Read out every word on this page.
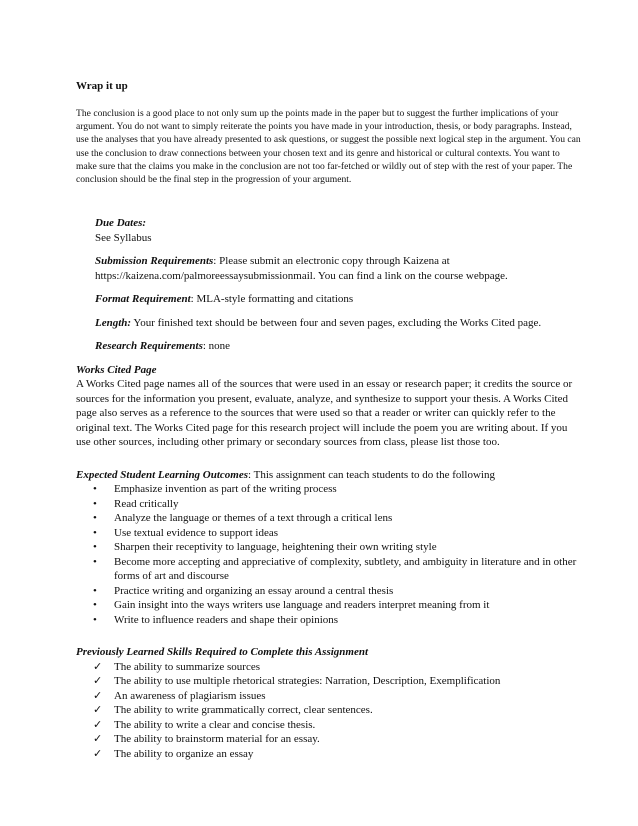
Wrap it up

The conclusion is a good place to not only sum up the points made in the paper but to suggest the further implications of your argument. You do not want to simply reiterate the points you have made in your introduction, thesis, or body paragraphs. Instead, use the analyses that you have already presented to ask questions, or suggest the possible next logical step in the argument. You can use the conclusion to draw connections between your chosen text and its genre and historical or cultural contexts. You want to make sure that the claims you make in the conclusion are not too far-fetched or wildly out of step with the rest of your paper. The conclusion should be the final step in the progression of your argument.

Due Dates:
See Syllabus
Submission Requirements: Please submit an electronic copy through Kaizena at https://kaizena.com/palmoreessaysubmissionmail. You can find a link on the course webpage.
Format Requirement: MLA-style formatting and citations
Length: Your finished text should be between four and seven pages, excluding the Works Cited page.
Research Requirements: none
Works Cited Page
A Works Cited page names all of the sources that were used in an essay or research paper; it credits the source or sources for the information you present, evaluate, analyze, and synthesize to support your thesis. A Works Cited page also serves as a reference to the sources that were used so that a reader or writer can quickly refer to the original text. The Works Cited page for this research project will include the poem you are writing about. If you use other sources, including other primary or secondary sources from class, please list those too.
Expected Student Learning Outcomes: This assignment can teach students to do the following
•	Emphasize invention as part of the writing process
•	Read critically
•	Analyze the language or themes of a text through a critical lens
•	Use textual evidence to support ideas
•	Sharpen their receptivity to language, heightening their own writing style
•	Become more accepting and appreciative of complexity, subtlety, and ambiguity in literature and in other forms of art and discourse
•	Practice writing and organizing an essay around a central thesis
•	Gain insight into the ways writers use language and readers interpret meaning from it
•	Write to influence readers and shape their opinions
Previously Learned Skills Required to Complete this Assignment
✓ The ability to summarize sources
✓ The ability to use multiple rhetorical strategies: Narration, Description, Exemplification
✓ An awareness of plagiarism issues
✓ The ability to write grammatically correct, clear sentences.
✓ The ability to write a clear and concise thesis.
✓ The ability to brainstorm material for an essay.
✓ The ability to organize an essay
